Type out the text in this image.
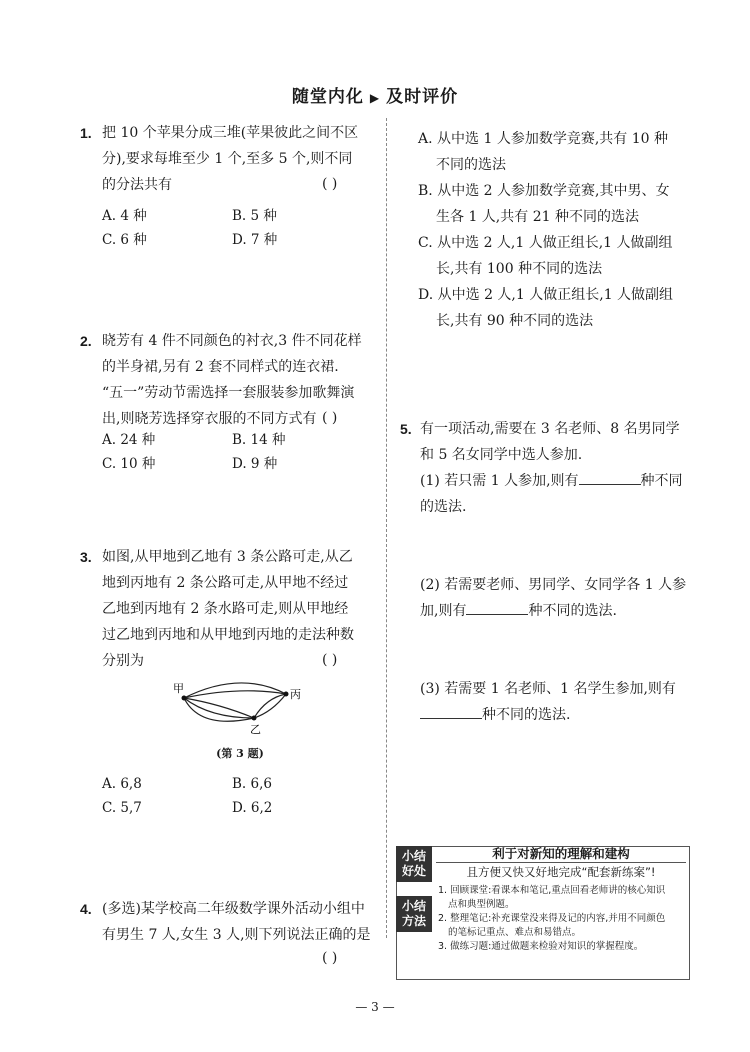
随堂内化 ▶ 及时评价
1. 把 10 个苹果分成三堆(苹果彼此之间不区
分),要求每堆至少 1 个,至多 5 个,则不同
的分法共有	( )
A. 4 种	B. 5 种
C. 6 种	D. 7 种
2. 晓芳有 4 件不同颜色的衬衣,3 件不同花样
的半身裙,另有 2 套不同样式的连衣裙.
“五一”劳动节需选择一套服装参加歌舞演
出,则晓芳选择穿衣服的不同方式有 ( )
A. 24 种	B. 14 种
C. 10 种	D. 9 种
3. 如图,从甲地到乙地有 3 条公路可走,从乙
地到丙地有 2 条公路可走,从甲地不经过
乙地到丙地有 2 条水路可走,则从甲地经
过乙地到丙地和从甲地到丙地的走法种数
分别为	( )
甲	丙
乙
(第 3 题)
A. 6,8	B. 6,6
C. 5,7	D. 6,2
4. (多选)某学校高二年级数学课外活动小组中
有男生 7 人,女生 3 人,则下列说法正确的是
( )
A. 从中选 1 人参加数学竞赛,共有 10 种
不同的选法
B. 从中选 2 人参加数学竞赛,其中男、女
生各 1 人,共有 21 种不同的选法
C. 从中选 2 人,1 人做正组长,1 人做副组
长,共有 100 种不同的选法
D. 从中选 2 人,1 人做正组长,1 人做副组
长,共有 90 种不同的选法
5. 有一项活动,需要在 3 名老师、8 名男同学
和 5 名女同学中选人参加.
(1) 若只需 1 人参加,则有	种不同
的选法.
(2) 若需要老师、男同学、女同学各 1 人参
加,则有	种不同的选法.
(3) 若需要 1 名老师、1 名学生参加,则有
种不同的选法.
小结
好处
利于对新知的理解和建构
且方便又快又好地完成“配套新练案”!
小结
方法
1. 回顾课堂:看课本和笔记,重点回看老师讲的核心知识
点和典型例题。
2. 整理笔记:补充课堂没来得及记的内容,并用不同颜色
的笔标记重点、难点和易错点。
3. 做练习题:通过做题来检验对知识的掌握程度。
— 3 —
